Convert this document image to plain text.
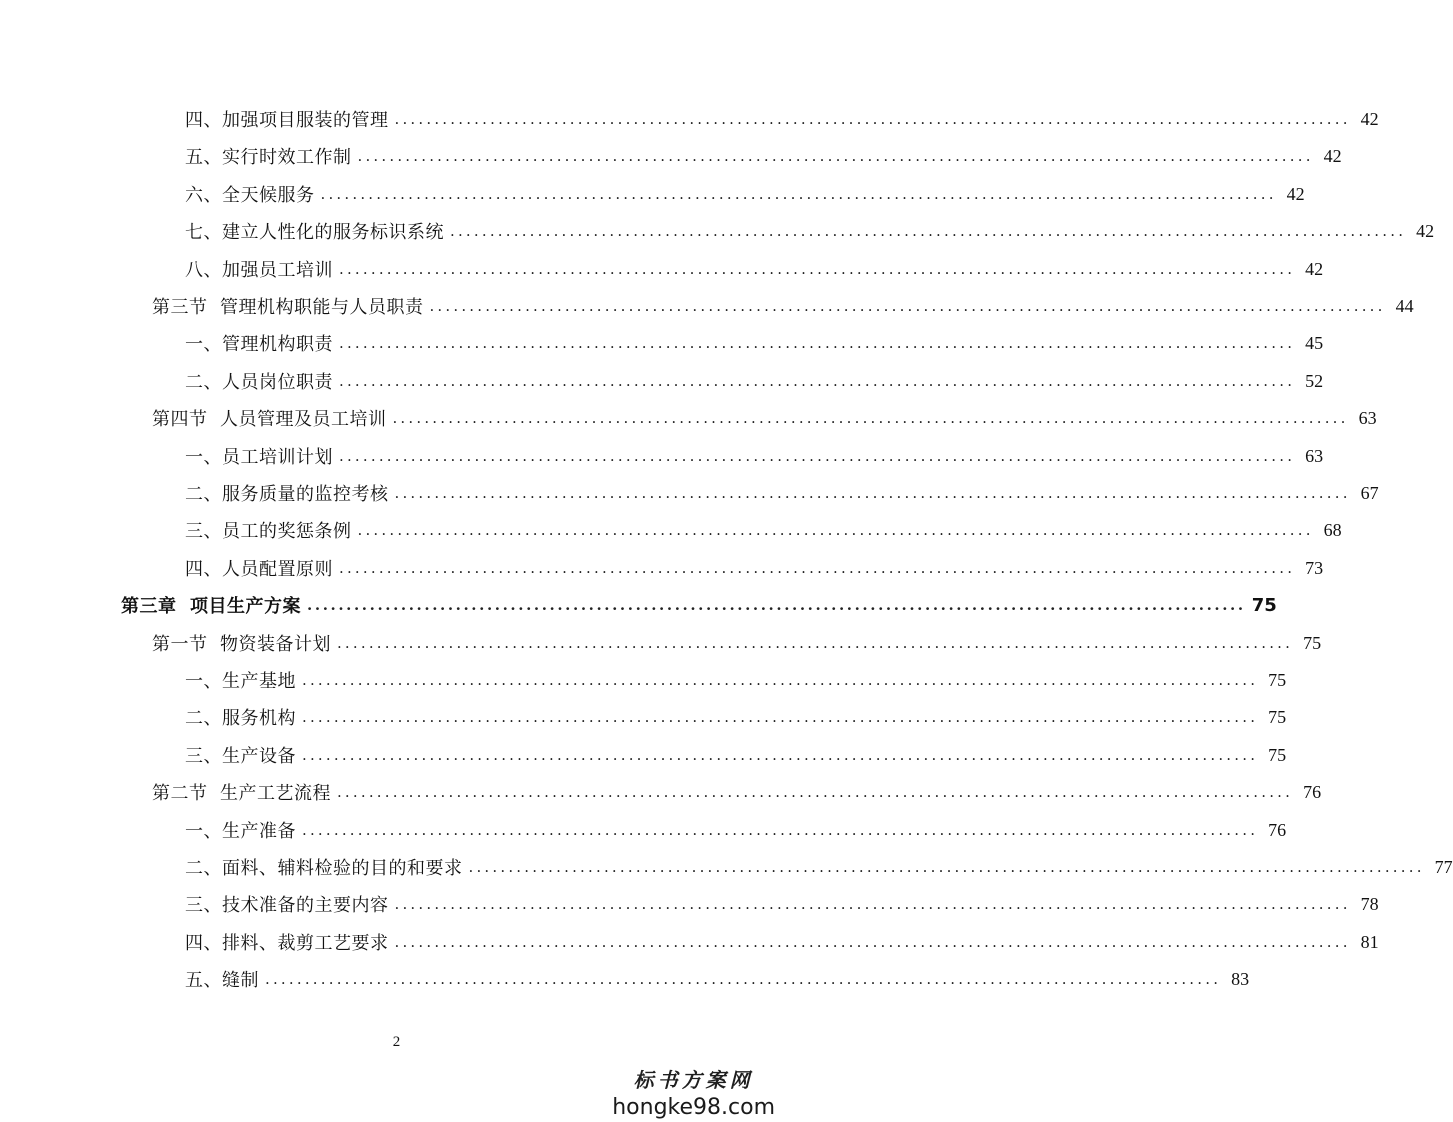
四、加强项目服装的管理 ........................................................................................................................ 42
五、实行时效工作制 ........................................................................................................................ 42
六、全天候服务 ........................................................................................................................ 42
七、建立人性化的服务标识系统 ........................................................................................................................ 42
八、加强员工培训 ........................................................................................................................ 42
第三节  管理机构职能与人员职责 ........................................................................................................................ 44
一、管理机构职责 ........................................................................................................................ 45
二、人员岗位职责 ........................................................................................................................ 52
第四节  人员管理及员工培训 ........................................................................................................................ 63
一、员工培训计划 ........................................................................................................................ 63
二、服务质量的监控考核 ........................................................................................................................ 67
三、员工的奖惩条例 ........................................................................................................................ 68
四、人员配置原则 ........................................................................................................................ 73
第三章  项目生产方案 ........................................................................................................................ 75
第一节  物资装备计划 ........................................................................................................................ 75
一、生产基地 ........................................................................................................................ 75
二、服务机构 ........................................................................................................................ 75
三、生产设备 ........................................................................................................................ 75
第二节  生产工艺流程 ........................................................................................................................ 76
一、生产准备 ........................................................................................................................ 76
二、面料、辅料检验的目的和要求 ........................................................................................................................ 77
三、技术准备的主要内容 ........................................................................................................................ 78
四、排料、裁剪工艺要求 ........................................................................................................................ 81
五、缝制 ........................................................................................................................ 83
2
标书方案网
hongke98.com
